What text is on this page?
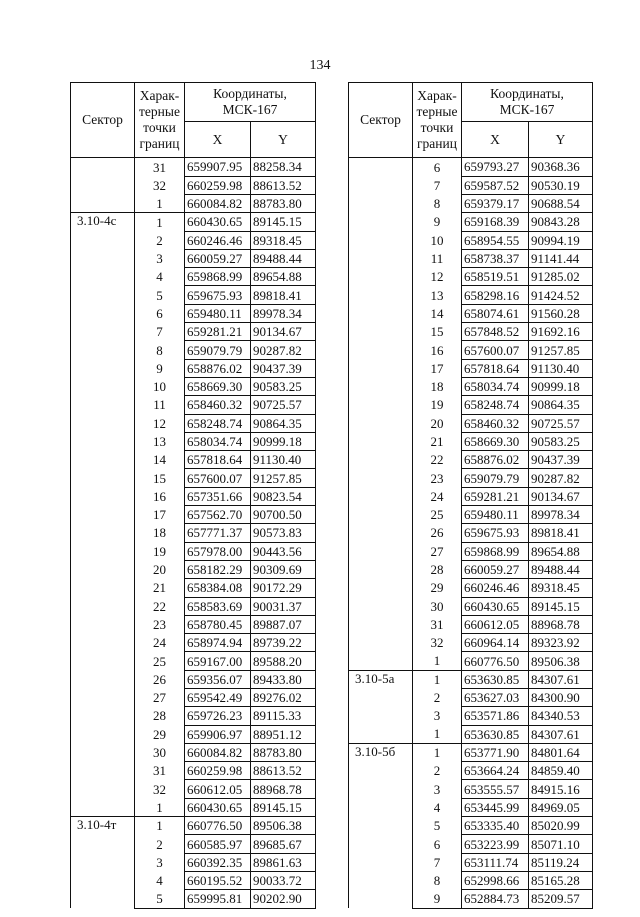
134
Сектор	Харак-
терные
точки
границ	Координаты,
МСК-167	
		X	Y
	31	659907.95	88258.34
	32	660259.98	88613.52
	1	660084.82	88783.80
3.10-4с	1	660430.65	89145.15
	2	660246.46	89318.45
	3	660059.27	89488.44
	4	659868.99	89654.88
	5	659675.93	89818.41
	6	659480.11	89978.34
	7	659281.21	90134.67
	8	659079.79	90287.82
	9	658876.02	90437.39
	10	658669.30	90583.25
	11	658460.32	90725.57
	12	658248.74	90864.35
	13	658034.74	90999.18
	14	657818.64	91130.40
	15	657600.07	91257.85
	16	657351.66	90823.54
	17	657562.70	90700.50
	18	657771.37	90573.83
	19	657978.00	90443.56
	20	658182.29	90309.69
	21	658384.08	90172.29
	22	658583.69	90031.37
	23	658780.45	89887.07
	24	658974.94	89739.22
	25	659167.00	89588.20
	26	659356.07	89433.80
	27	659542.49	89276.02
	28	659726.23	89115.33
	29	659906.97	88951.12
	30	660084.82	88783.80
	31	660259.98	88613.52
	32	660612.05	88968.78
	1	660430.65	89145.15
3.10-4т	1	660776.50	89506.38
	2	660585.97	89685.67
	3	660392.35	89861.63
	4	660195.52	90033.72
	5	659995.81	90202.90
Сектор	Харак-
терные
точки
границ	Координаты,
МСК-167	
		X	Y
	6	659793.27	90368.36
	7	659587.52	90530.19
	8	659379.17	90688.54
	9	659168.39	90843.28
	10	658954.55	90994.19
	11	658738.37	91141.44
	12	658519.51	91285.02
	13	658298.16	91424.52
	14	658074.61	91560.28
	15	657848.52	91692.16
	16	657600.07	91257.85
	17	657818.64	91130.40
	18	658034.74	90999.18
	19	658248.74	90864.35
	20	658460.32	90725.57
	21	658669.30	90583.25
	22	658876.02	90437.39
	23	659079.79	90287.82
	24	659281.21	90134.67
	25	659480.11	89978.34
	26	659675.93	89818.41
	27	659868.99	89654.88
	28	660059.27	89488.44
	29	660246.46	89318.45
	30	660430.65	89145.15
	31	660612.05	88968.78
	32	660964.14	89323.92
	1	660776.50	89506.38
3.10-5а	1	653630.85	84307.61
	2	653627.03	84300.90
	3	653571.86	84340.53
	1	653630.85	84307.61
3.10-5б	1	653771.90	84801.64
	2	653664.24	84859.40
	3	653555.57	84915.16
	4	653445.99	84969.05
	5	653335.40	85020.99
	6	653223.99	85071.10
	7	653111.74	85119.24
	8	652998.66	85165.28
	9	652884.73	85209.57
